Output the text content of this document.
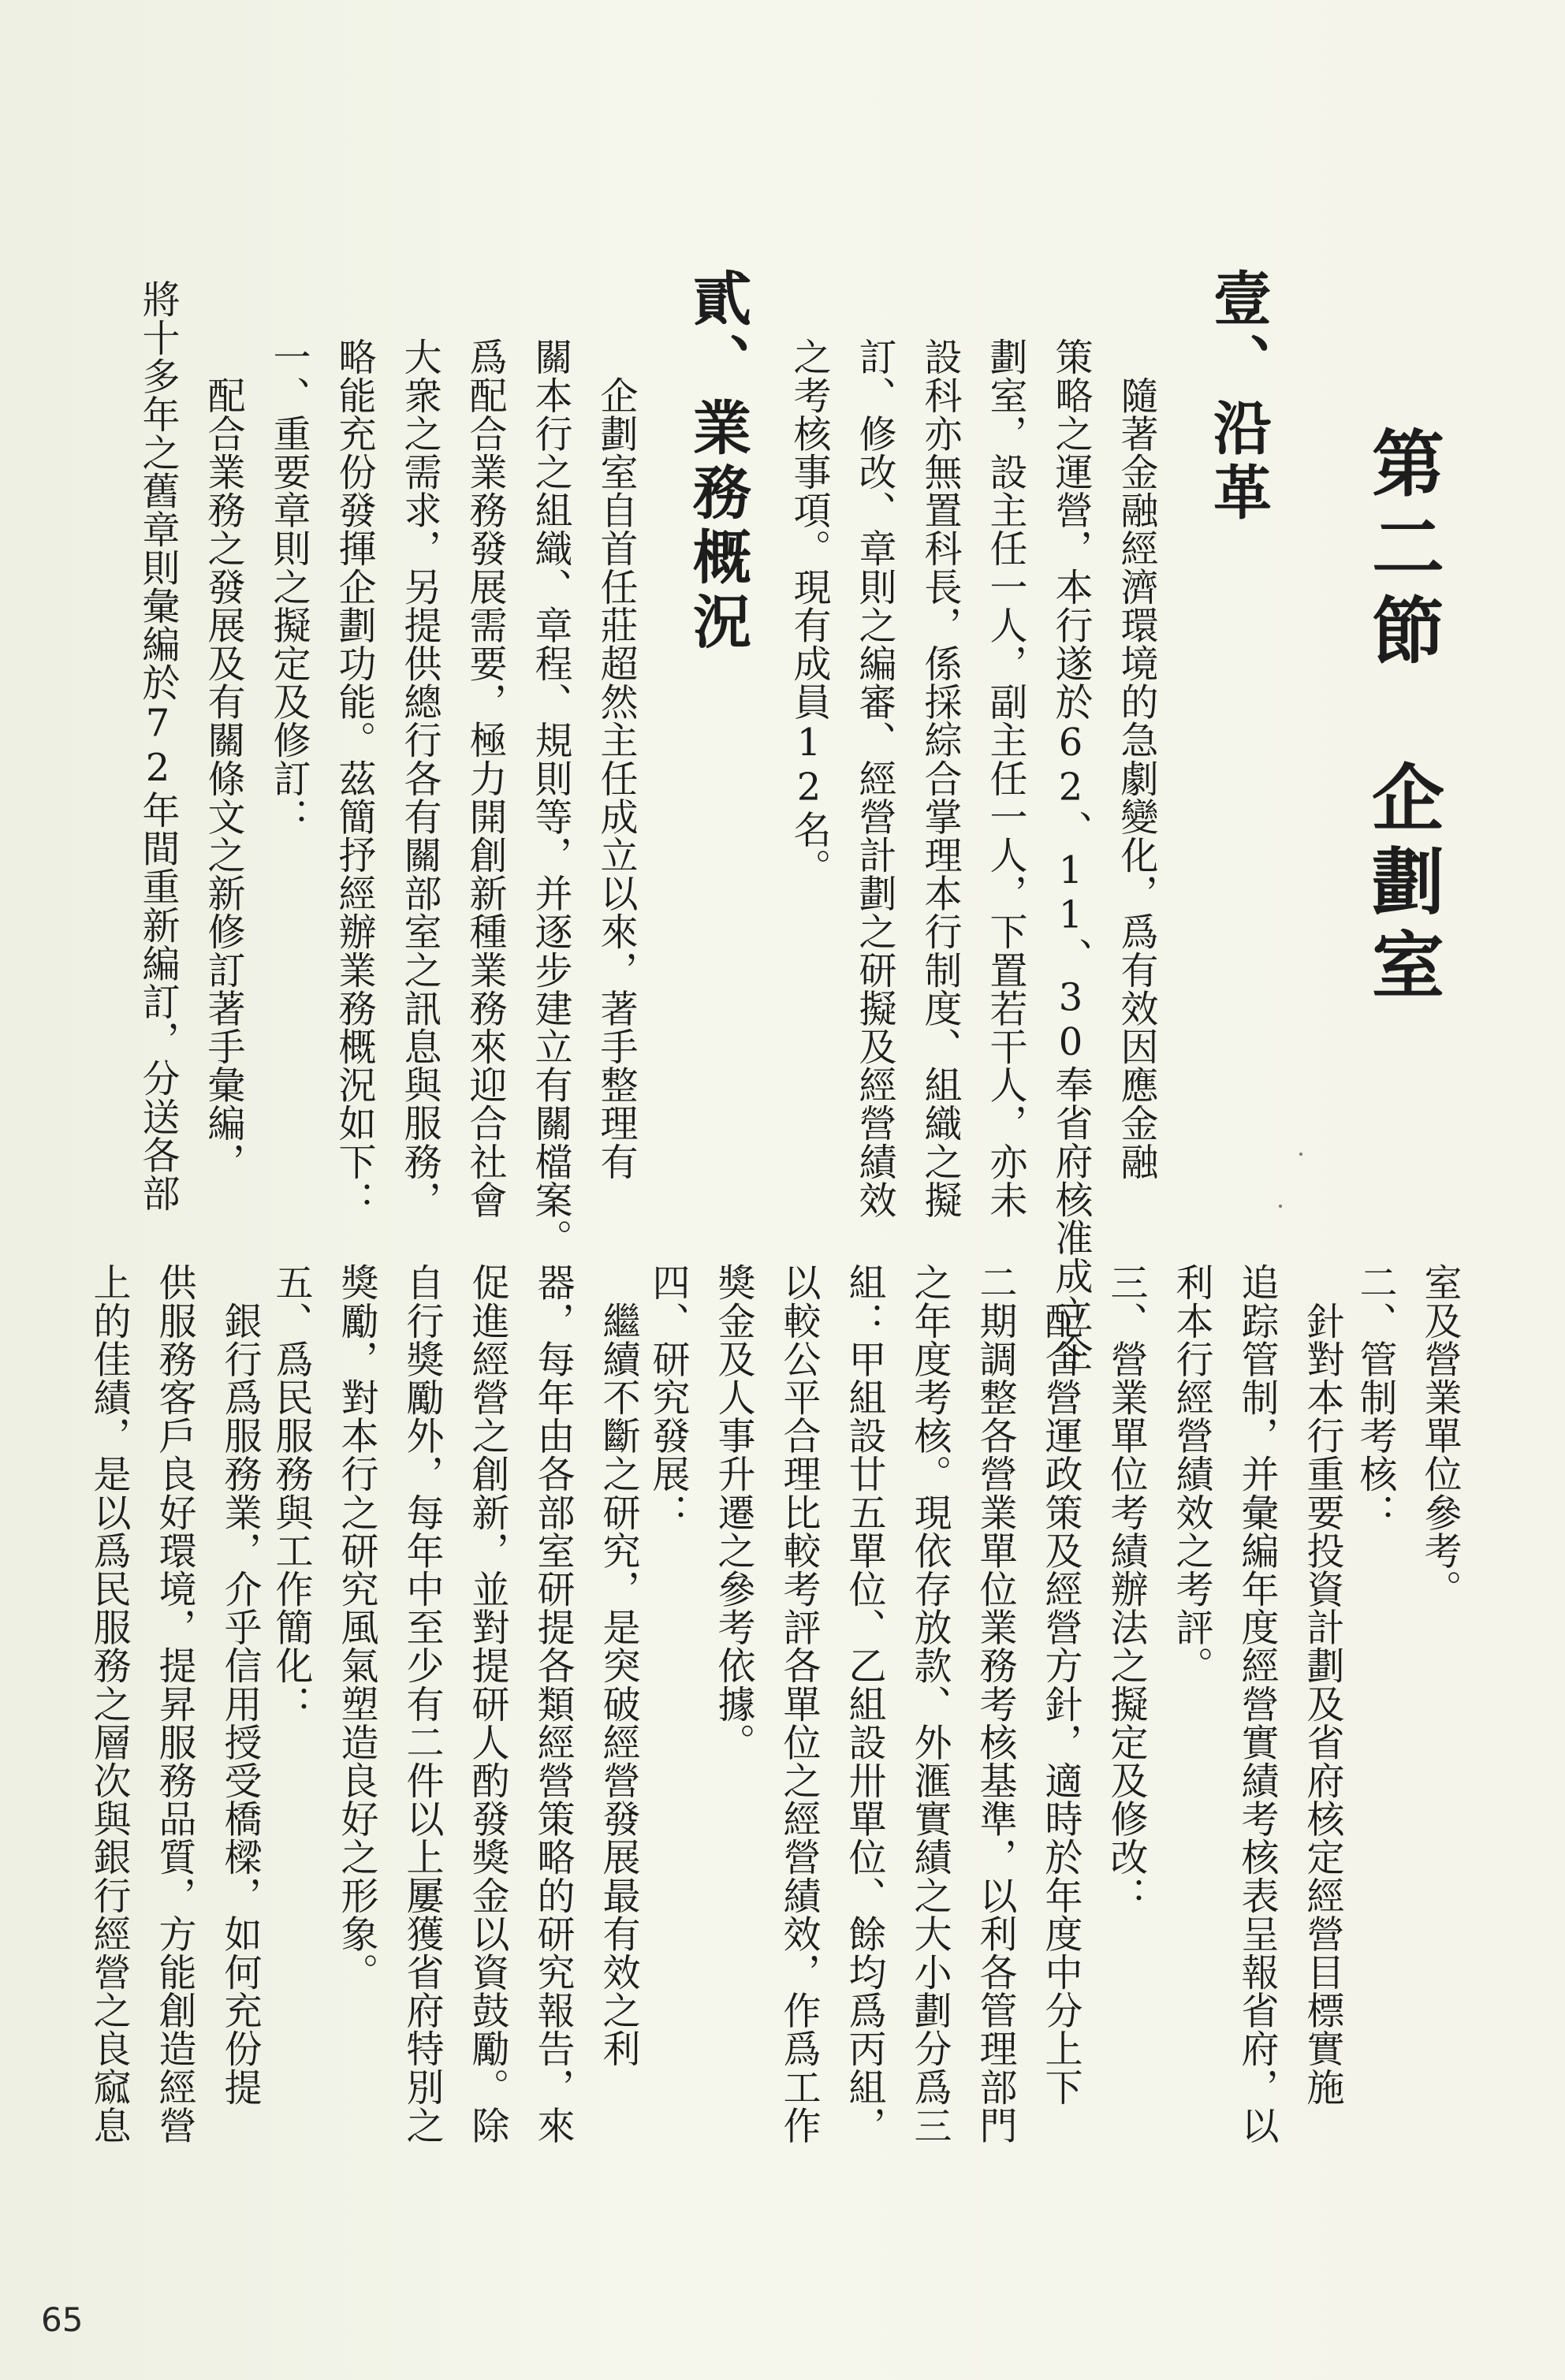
第二節　企劃室
壹、沿革
　隨著金融經濟環境的急劇變化，爲有效因應金融
策略之運營，本行遂於62、11、30奉省府核准成立企
劃室，設主任一人，副主任一人，下置若干人，亦未
設科亦無置科長，係採綜合掌理本行制度、組織之擬
訂、修改、章則之編審、經營計劃之研擬及經營績效
之考核事項。現有成員12名。
貳、業務概況
　企劃室自首任莊超然主任成立以來，著手整理有
關本行之組織、章程、規則等，并逐步建立有關檔案。
爲配合業務發展需要，極力開創新種業務來迎合社會
大衆之需求，另提供總行各有關部室之訊息與服務，
略能充份發揮企劃功能。茲簡抒經辦業務概況如下：
一、重要章則之擬定及修訂：
　配合業務之發展及有關條文之新修訂著手彙編，
將十多年之舊章則彙編於72年間重新編訂，分送各部
室及營業單位參考。
二、管制考核：
　針對本行重要投資計劃及省府核定經營目標實施
追踪管制，并彙編年度經營實績考核表呈報省府，以
利本行經營績效之考評。
三、營業單位考績辦法之擬定及修改：
　配合營運政策及經營方針，適時於年度中分上下
二期調整各營業單位業務考核基準，以利各管理部門
之年度考核。現依存放款、外滙實績之大小劃分爲三
組：甲組設廿五單位、乙組設卅單位、餘均爲丙組，
以較公平合理比較考評各單位之經營績效，作爲工作
獎金及人事升遷之參考依據。
四、研究發展：
　繼續不斷之研究，是突破經營發展最有效之利
器，每年由各部室研提各類經營策略的研究報告，來
促進經營之創新，並對提研人酌發獎金以資鼓勵。除
自行獎勵外，每年中至少有二件以上屢獲省府特別之
獎勵，對本行之研究風氣塑造良好之形象。
五、爲民服務與工作簡化：
　銀行爲服務業，介乎信用授受橋樑，如何充份提
供服務客戶良好環境，提昇服務品質，方能創造經營
上的佳績，是以爲民服務之層次與銀行經營之良窳息
65
